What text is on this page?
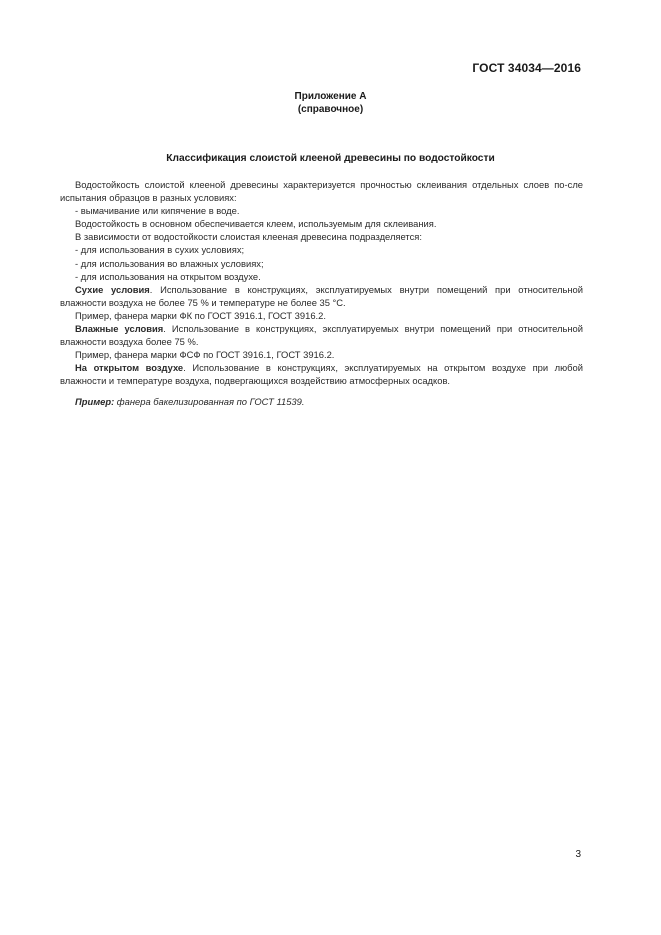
ГОСТ 34034—2016
Приложение А
(справочное)
Классификация слоистой клееной древесины по водостойкости

Водостойкость слоистой клееной древесины характеризуется прочностью склеивания отдельных слоев по-сле испытания образцов в разных условиях:

- вымачивание или кипячение в воде.

Водостойкость в основном обеспечивается клеем, используемым для склеивания.

В зависимости от водостойкости слоистая клееная древесина подразделяется:

- для использования в сухих условиях;

- для использования во влажных условиях;

- для использования на открытом воздухе.

Сухие условия. Использование в конструкциях, эксплуатируемых внутри помещений при относительной влажности воздуха не более 75 % и температуре не более 35 °С.

Пример, фанера марки ФК по ГОСТ 3916.1, ГОСТ 3916.2.

Влажные условия. Использование в конструкциях, эксплуатируемых внутри помещений при относительной влажности воздуха более 75 %.

Пример, фанера марки ФСФ по ГОСТ 3916.1, ГОСТ 3916.2.

На открытом воздухе. Использование в конструкциях, эксплуатируемых на открытом воздухе при любой влажности и температуре воздуха, подвергающихся воздействию атмосферных осадков.

Пример: фанера бакелизированная по ГОСТ 11539.

3
